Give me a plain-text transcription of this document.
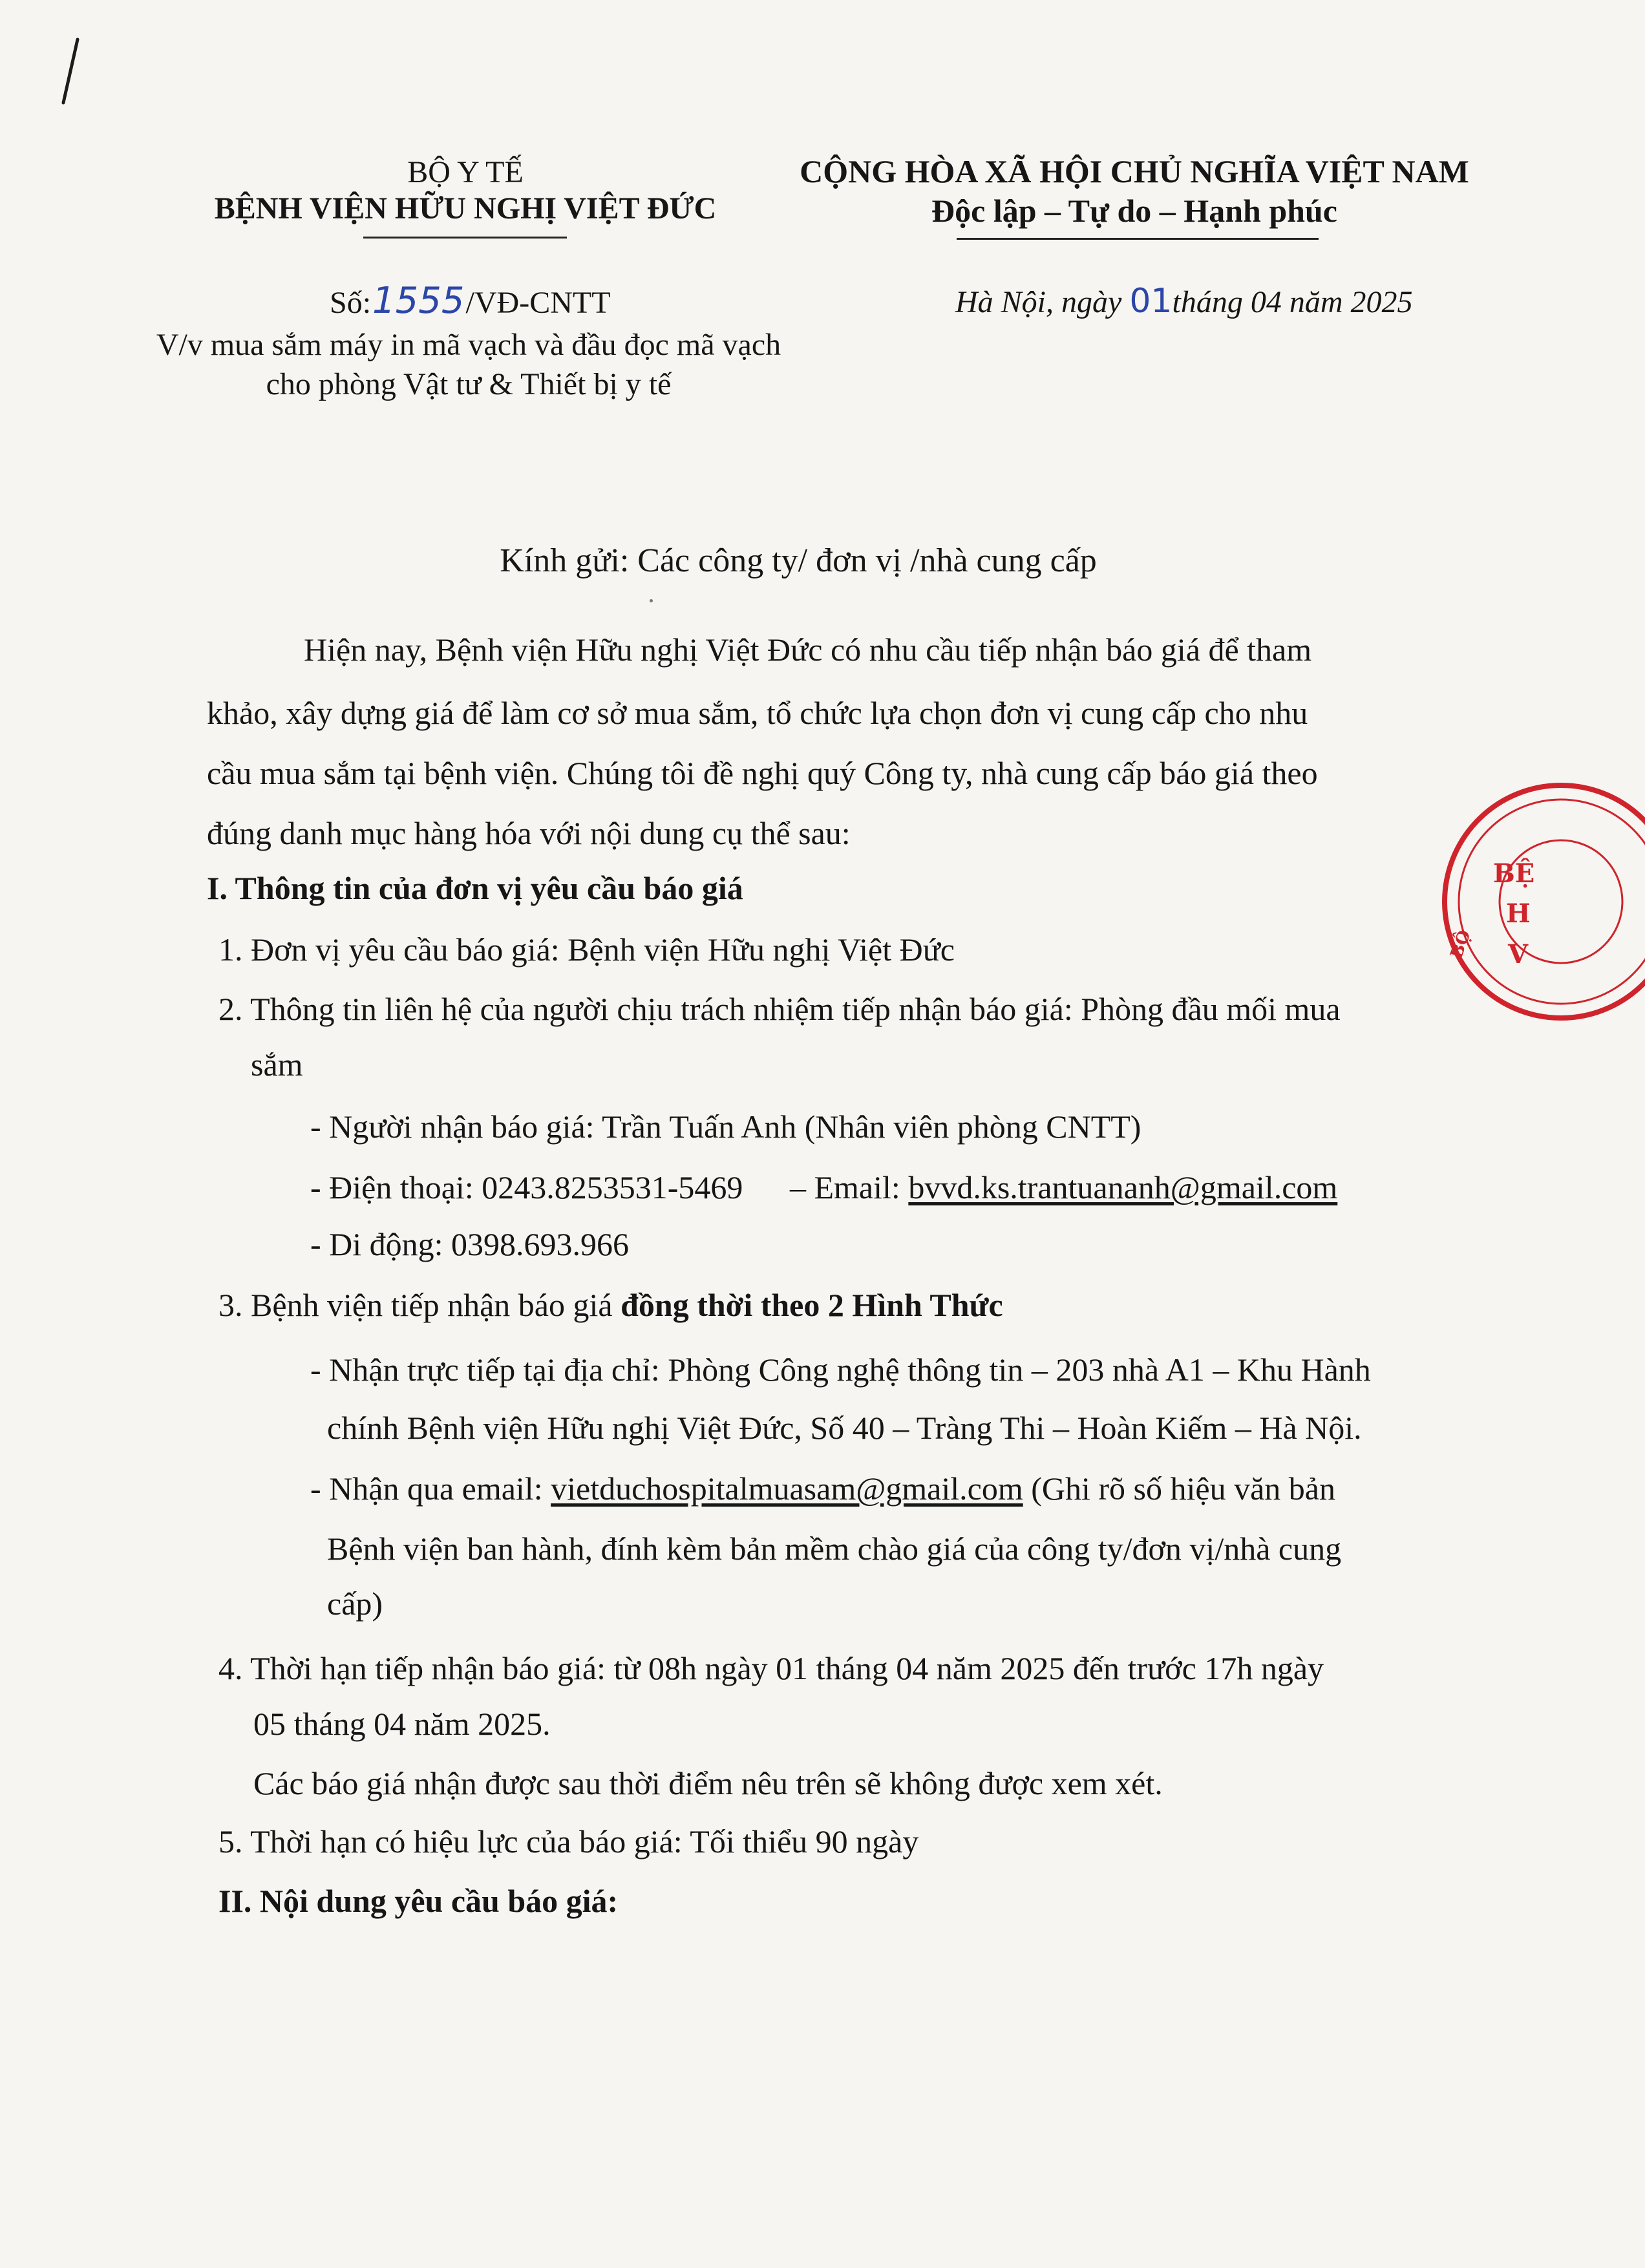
BỘ Y TẾ
BỆNH VIỆN HỮU NGHỊ VIỆT ĐỨC
Số:1555/VĐ-CNTT
V/v mua sắm máy in mã vạch và đầu đọc mã vạch
cho phòng Vật tư & Thiết bị y tế
CỘNG HÒA XÃ HỘI CHỦ NGHĨA VIỆT NAM
Độc lập – Tự do – Hạnh phúc
Hà Nội, ngày 01tháng 04 năm 2025
Kính gửi: Các công ty/ đơn vị /nhà cung cấp
Hiện nay, Bệnh viện Hữu nghị Việt Đức có nhu cầu tiếp nhận báo giá để tham
khảo, xây dựng giá để làm cơ sở mua sắm, tổ chức lựa chọn đơn vị cung cấp cho nhu
cầu mua sắm tại bệnh viện. Chúng tôi đề nghị quý Công ty, nhà cung cấp báo giá theo
đúng danh mục hàng hóa với nội dung cụ thể sau:
I. Thông tin của đơn vị yêu cầu báo giá
1. Đơn vị yêu cầu báo giá: Bệnh viện Hữu nghị Việt Đức
2. Thông tin liên hệ của người chịu trách nhiệm tiếp nhận báo giá: Phòng đầu mối mua
sắm
- Người nhận báo giá: Trần Tuấn Anh (Nhân viên phòng CNTT)
- Điện thoại: 0243.8253531-5469 – Email: bvvd.ks.trantuananh@gmail.com
- Di động: 0398.693.966
3. Bệnh viện tiếp nhận báo giá đồng thời theo 2 Hình Thức
- Nhận trực tiếp tại địa chỉ: Phòng Công nghệ thông tin – 203 nhà A1 – Khu Hành
chính Bệnh viện Hữu nghị Việt Đức, Số 40 – Tràng Thi – Hoàn Kiếm – Hà Nội.
- Nhận qua email: vietduchospitalmuasam@gmail.com (Ghi rõ số hiệu văn bản
Bệnh viện ban hành, đính kèm bản mềm chào giá của công ty/đơn vị/nhà cung
cấp)
4. Thời hạn tiếp nhận báo giá: từ 08h ngày 01 tháng 04 năm 2025 đến trước 17h ngày
05 tháng 04 năm 2025.
Các báo giá nhận được sau thời điểm nêu trên sẽ không được xem xét.
5. Thời hạn có hiệu lực của báo giá: Tối thiểu 90 ngày
II. Nội dung yêu cầu báo giá:
BỆ
H
V
BỘ
